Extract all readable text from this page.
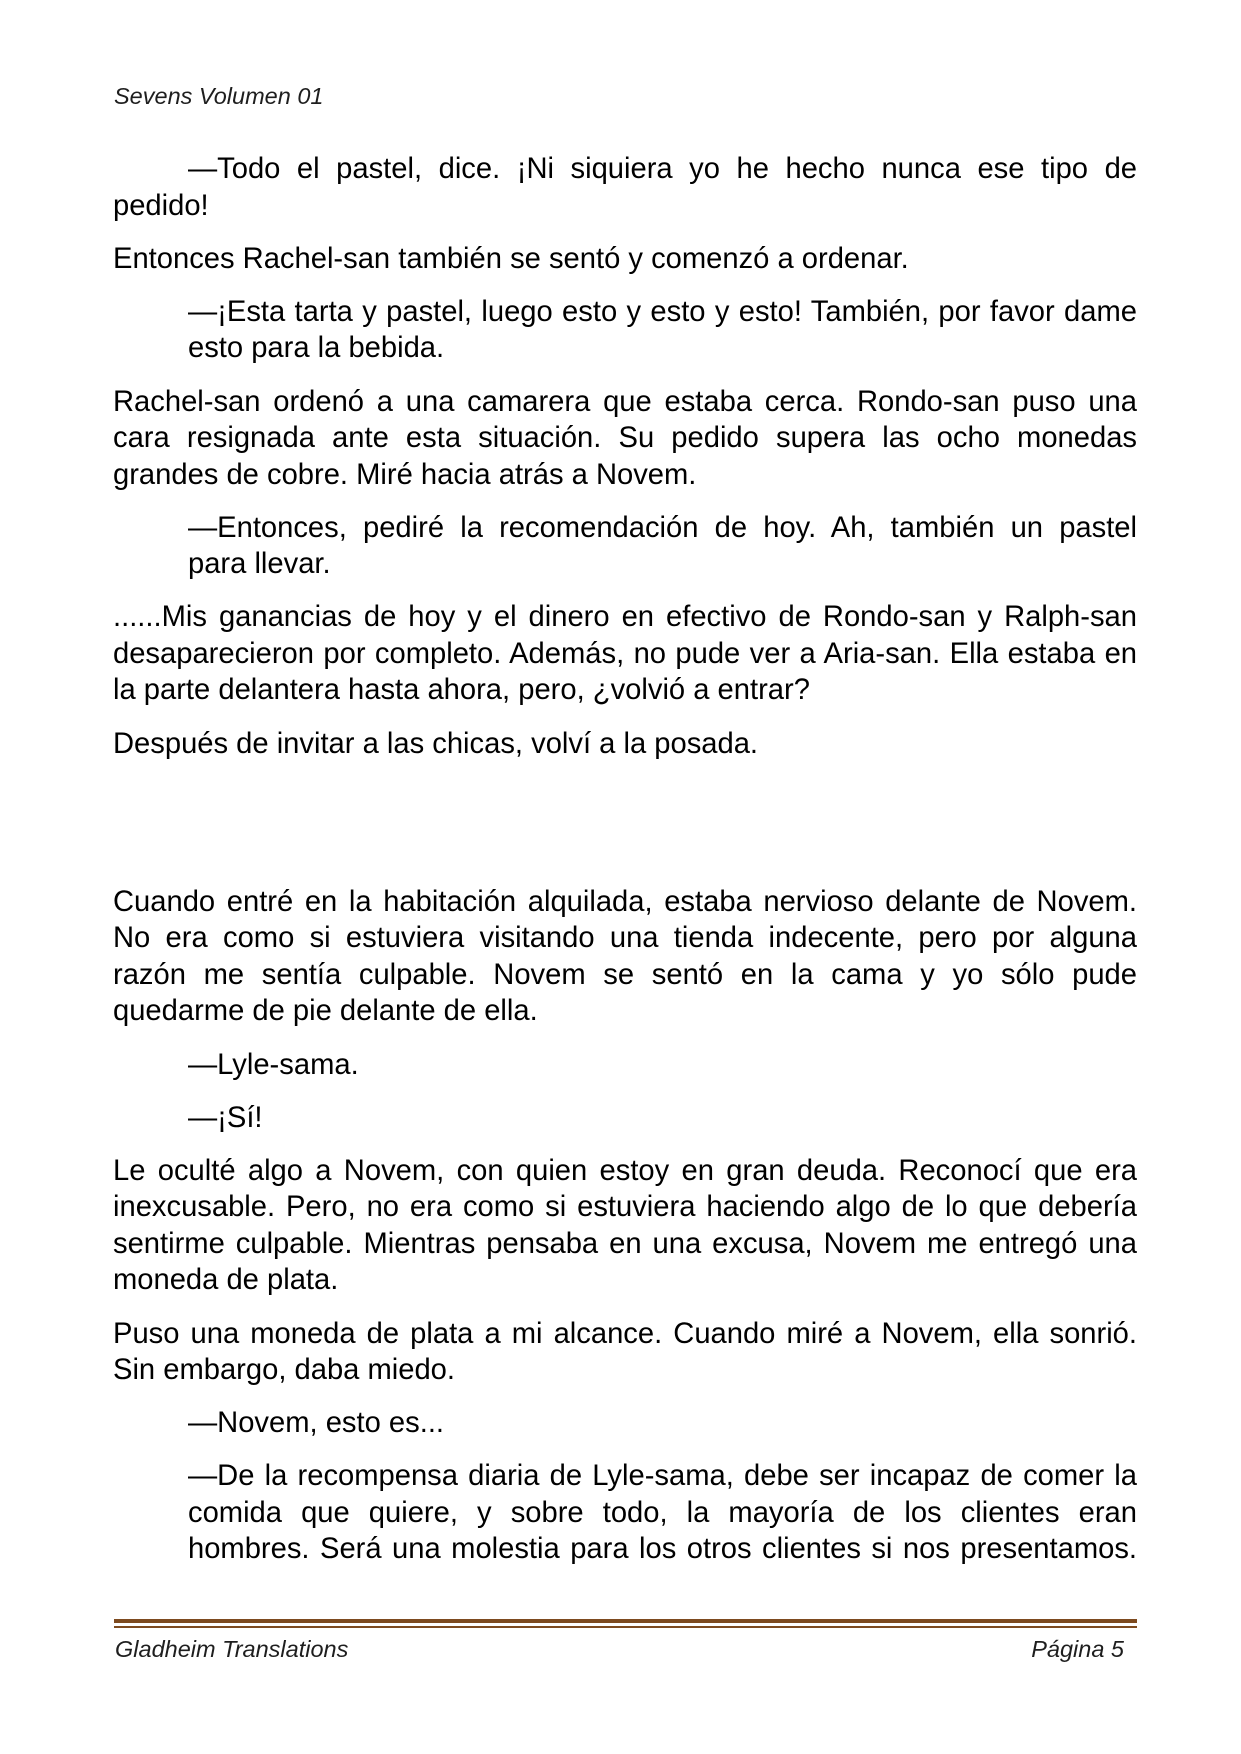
Sevens Volumen 01
—Todo el pastel, dice. ¡Ni siquiera yo he hecho nunca ese tipo de
pedido!
Entonces Rachel-san también se sentó y comenzó a ordenar.
—¡Esta tarta y pastel, luego esto y esto y esto! También, por favor dame
esto para la bebida.
Rachel-san ordenó a una camarera que estaba cerca. Rondo-san puso una
cara resignada ante esta situación. Su pedido supera las ocho monedas
grandes de cobre. Miré hacia atrás a Novem.
—Entonces, pediré la recomendación de hoy. Ah, también un pastel
para llevar.
......Mis ganancias de hoy y el dinero en efectivo de Rondo-san y Ralph-san
desaparecieron por completo. Además, no pude ver a Aria-san. Ella estaba en
la parte delantera hasta ahora, pero, ¿volvió a entrar?
Después de invitar a las chicas, volví a la posada.
Cuando entré en la habitación alquilada, estaba nervioso delante de Novem.
No era como si estuviera visitando una tienda indecente, pero por alguna
razón me sentía culpable. Novem se sentó en la cama y yo sólo pude
quedarme de pie delante de ella.
—Lyle-sama.
—¡Sí!
Le oculté algo a Novem, con quien estoy en gran deuda. Reconocí que era
inexcusable. Pero, no era como si estuviera haciendo algo de lo que debería
sentirme culpable. Mientras pensaba en una excusa, Novem me entregó una
moneda de plata.
Puso una moneda de plata a mi alcance. Cuando miré a Novem, ella sonrió.
Sin embargo, daba miedo.
—Novem, esto es...
—De la recompensa diaria de Lyle-sama, debe ser incapaz de comer la
comida que quiere, y sobre todo, la mayoría de los clientes eran
hombres. Será una molestia para los otros clientes si nos presentamos.
Gladheim Translations	Página 5
